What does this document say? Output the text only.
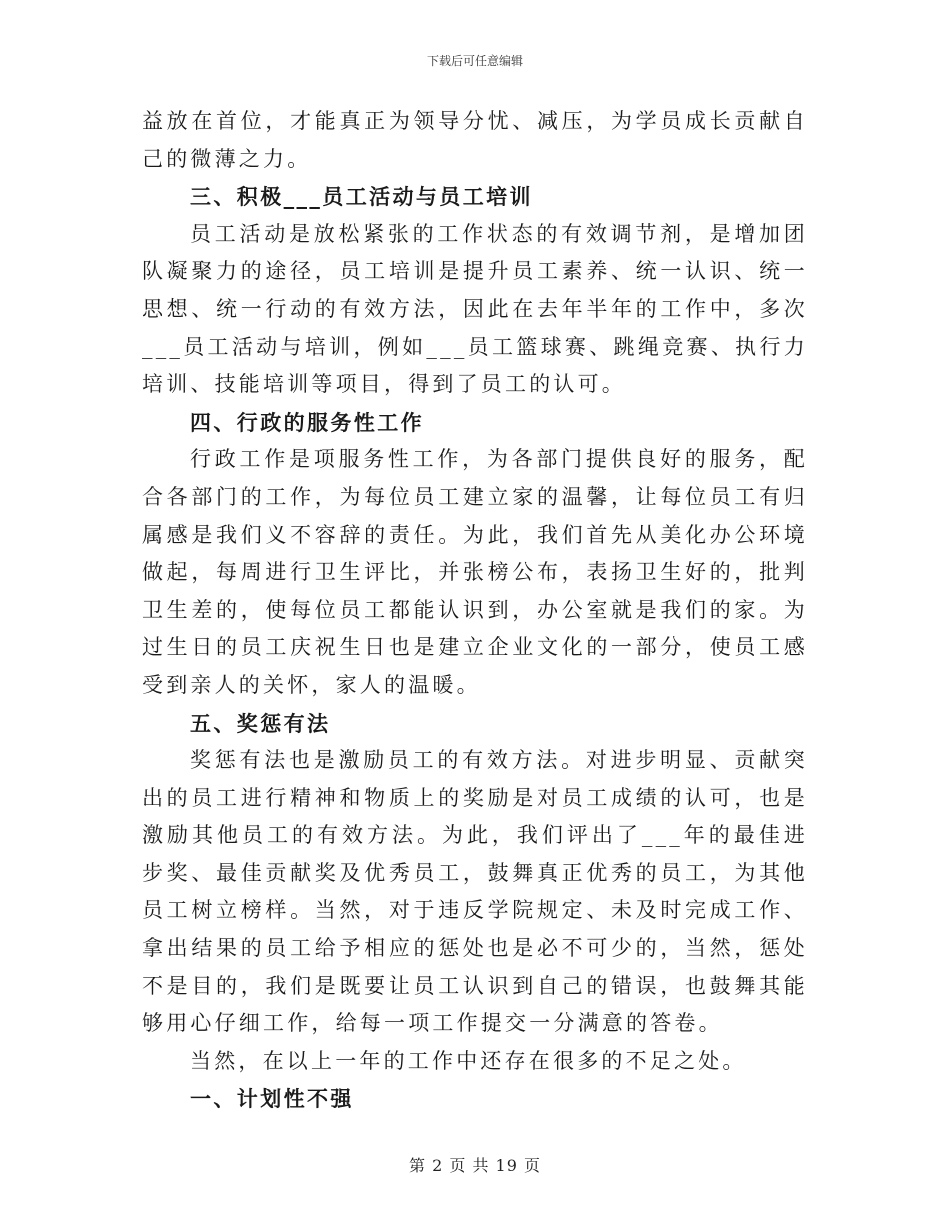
下载后可任意编辑

益放在首位，才能真正为领导分忧、减压，为学员成长贡献自己的微薄之力。

三、积极___员工活动与员工培训

员工活动是放松紧张的工作状态的有效调节剂，是增加团队凝聚力的途径，员工培训是提升员工素养、统一认识、统一思想、统一行动的有效方法，因此在去年半年的工作中，多次___员工活动与培训，例如___员工篮球赛、跳绳竞赛、执行力培训、技能培训等项目，得到了员工的认可。

四、行政的服务性工作

行政工作是项服务性工作，为各部门提供良好的服务，配合各部门的工作，为每位员工建立家的温馨，让每位员工有归属感是我们义不容辞的责任。为此，我们首先从美化办公环境做起，每周进行卫生评比，并张榜公布，表扬卫生好的，批判卫生差的，使每位员工都能认识到，办公室就是我们的家。为过生日的员工庆祝生日也是建立企业文化的一部分，使员工感受到亲人的关怀，家人的温暖。

五、奖惩有法

奖惩有法也是激励员工的有效方法。对进步明显、贡献突出的员工进行精神和物质上的奖励是对员工成绩的认可，也是激励其他员工的有效方法。为此，我们评出了___年的最佳进步奖、最佳贡献奖及优秀员工，鼓舞真正优秀的员工，为其他员工树立榜样。当然，对于违反学院规定、未及时完成工作、拿出结果的员工给予相应的惩处也是必不可少的，当然，惩处不是目的，我们是既要让员工认识到自己的错误，也鼓舞其能够用心仔细工作，给每一项工作提交一分满意的答卷。

当然，在以上一年的工作中还存在很多的不足之处。

一、计划性不强

第 2 页 共 19 页
